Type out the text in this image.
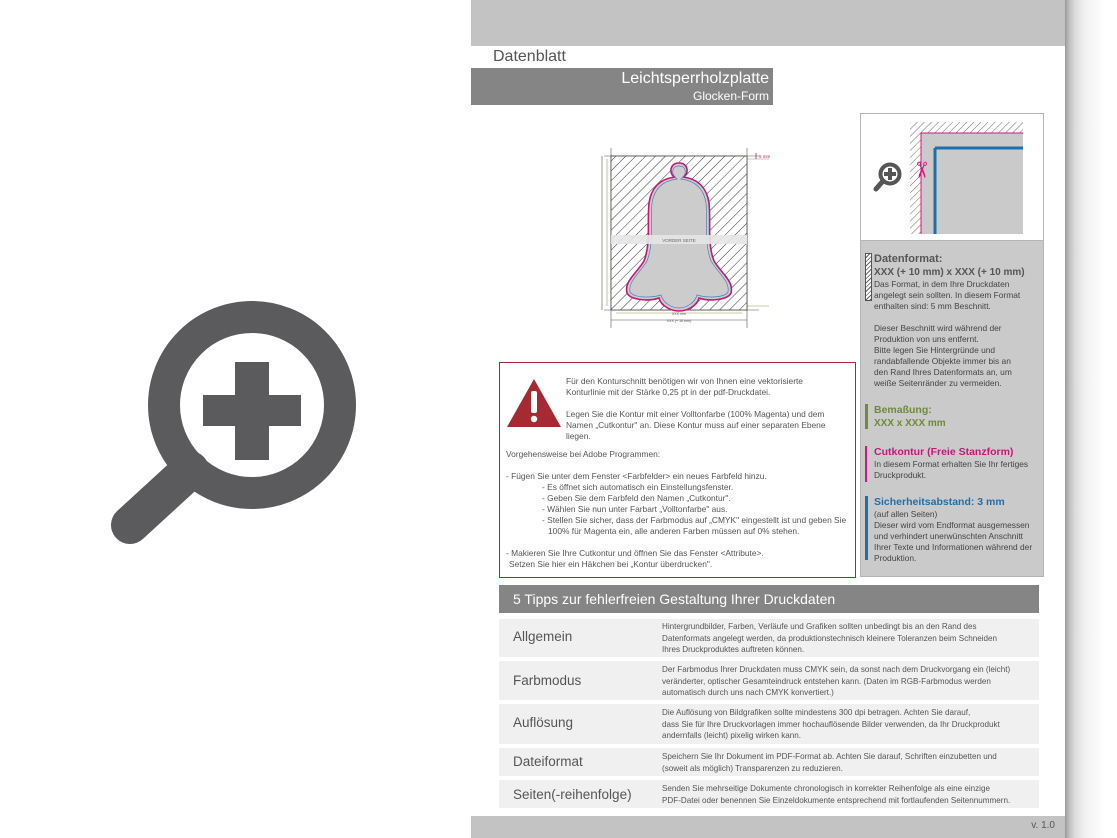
Datenblatt
Leichtsperrholzplatte
Glocken-Form
VORDER SEITE
5 mm
XXX mm
XXX (+ 10 mm)
✂
Datenformat:
XXX (+ 10 mm) x XXX (+ 10 mm)
Das Format, in dem Ihre Druckdaten
angelegt sein sollten. In diesem Format
enthalten sind: 5 mm Beschnitt.
Dieser Beschnitt wird während der
Produktion von uns entfernt.
Bitte legen Sie Hintergründe und
randabfallende Objekte immer bis an
den Rand Ihres Datenformats an, um
weiße Seitenränder zu vermeiden.
Bemaßung:
XXX x XXX mm
Cutkontur (Freie Stanzform)
In diesem Format erhalten Sie Ihr fertiges
Druckprodukt.
Sicherheitsabstand: 3 mm
(auf allen Seiten)
Dieser wird vom Endformat ausgemessen
und verhindert unerwünschten Anschnitt
Ihrer Texte und Informationen während der
Produktion.
Für den Konturschnitt benötigen wir von Ihnen eine vektorisierte
Konturlinie mit der Stärke 0,25 pt in der pdf-Druckdatei.
Legen Sie die Kontur mit einer Volltonfarbe (100% Magenta) und dem
Namen „Cutkontur" an. Diese Kontur muss auf einer separaten Ebene liegen.
Vorgehensweise bei Adobe Programmen:
- Fügen Sie unter dem Fenster <Farbfelder> ein neues Farbfeld hinzu.
- Es öffnet sich automatisch ein Einstellungsfenster.
- Geben Sie dem Farbfeld den Namen „Cutkontur".
- Wählen Sie nun unter Farbart „Volltonfarbe" aus.
- Stellen Sie sicher, dass der Farbmodus auf „CMYK" eingestellt ist und geben Sie
100% für Magenta ein, alle anderen Farben müssen auf 0% stehen.
- Makieren Sie Ihre Cutkontur und öffnen Sie das Fenster <Attribute>.
Setzen Sie hier ein Häkchen bei „Kontur überdrucken".
5 Tipps zur fehlerfreien Gestaltung Ihrer Druckdaten
Allgemein
Hintergrundbilder, Farben, Verläufe und Grafiken sollten unbedingt bis an den Rand des
Datenformats angelegt werden, da produktionstechnisch kleinere Toleranzen beim Schneiden
Ihres Druckproduktes auftreten können.
Farbmodus
Der Farbmodus Ihrer Druckdaten muss CMYK sein, da sonst nach dem Druckvorgang ein (leicht)
veränderter, optischer Gesamteindruck entstehen kann. (Daten im RGB-Farbmodus werden
automatisch durch uns nach CMYK konvertiert.)
Auflösung
Die Auflösung von Bildgrafiken sollte mindestens 300 dpi betragen. Achten Sie darauf,
dass Sie für Ihre Druckvorlagen immer hochauflösende Bilder verwenden, da Ihr Druckprodukt
andernfalls (leicht) pixelig wirken kann.
Dateiformat	Speichern Sie Ihr Dokument im PDF-Format ab. Achten Sie darauf, Schriften einzubetten und
(soweit als möglich) Transparenzen zu reduzieren.
Seiten(-reihenfolge)	Senden Sie mehrseitige Dokumente chronologisch in korrekter Reihenfolge als eine einzige
PDF-Datei oder benennen Sie Einzeldokumente entsprechend mit fortlaufenden Seitennummern.
v. 1.0
